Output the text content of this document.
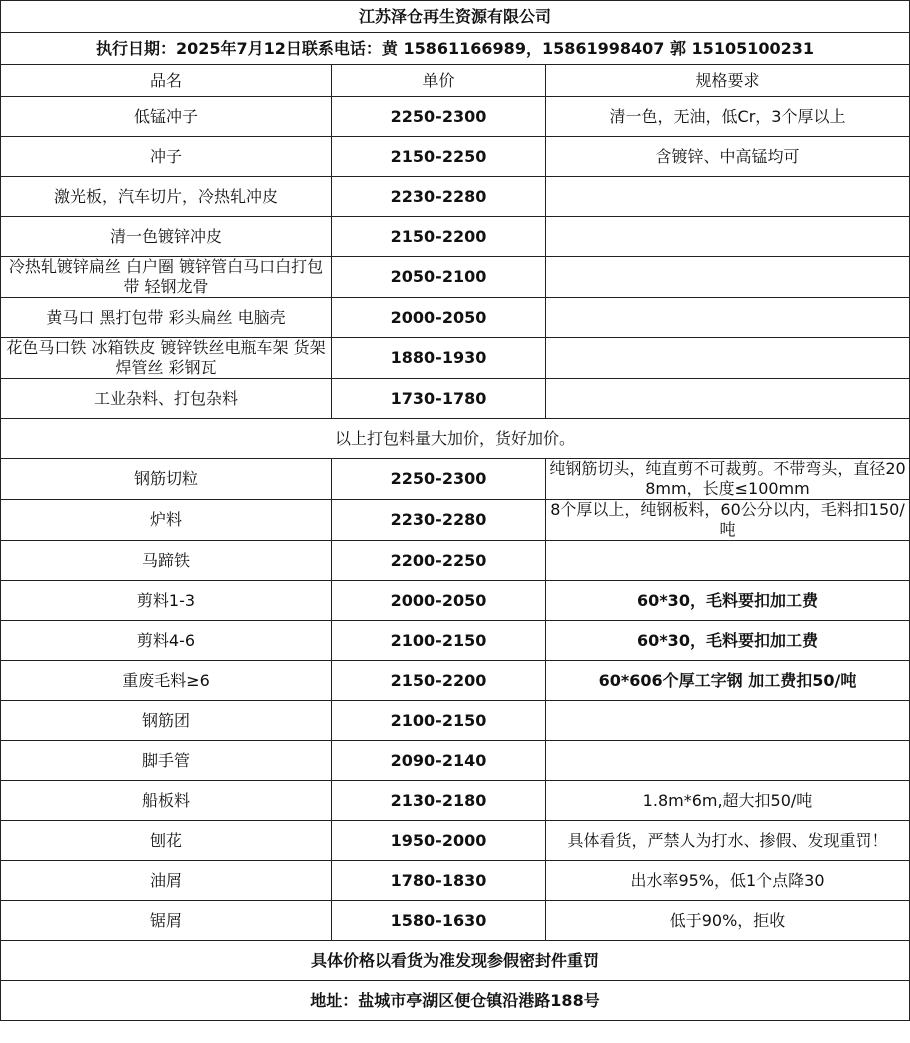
江苏泽仓再生资源有限公司		
执行日期：2025年7月12日联系电话：黄 15861166989，15861998407 郭 15105100231		
品名	单价	规格要求
低锰冲子	2250-2300	清一色，无油，低Cr，3个厚以上
冲子	2150-2250	含镀锌、中高锰均可
激光板，汽车切片，冷热轧冲皮	2230-2280	
清一色镀锌冲皮	2150-2200	

冷热轧镀锌扁丝 白户圈 镀锌管白马口白打包带 轻钢龙骨	2050-2100	
黄马口 黑打包带 彩头扁丝 电脑壳	2000-2050	

花色马口铁 冰箱铁皮 镀锌铁丝电瓶车架 货架 焊管丝 彩钢瓦	1880-1930	
工业杂料、打包杂料	1730-1780	
以上打包料量大加价，货好加价。		
钢筋切粒	2250-2300	纯钢筋切头，纯直剪不可裁剪。不带弯头，直径208mm，长度≤100mm

炉料	2230-2280	8个厚以上，纯钢板料，60公分以内，毛料扣150/吨

马蹄铁	2200-2250	
剪料1-3	2000-2050	60*30，毛料要扣加工费
剪料4-6	2100-2150	60*30，毛料要扣加工费
重废毛料≥6	2150-2200	60*606个厚工字钢 加工费扣50/吨
钢筋团	2100-2150	
脚手管	2090-2140	
船板料	2130-2180	1.8m*6m,超大扣50/吨
刨花	1950-2000	具体看货，严禁人为打水、掺假、发现重罚！

油屑	1780-1830	出水率95%，低1个点降30
锯屑	1580-1630	低于90%，拒收
具体价格以看货为准发现参假密封件重罚		
地址：盐城市亭湖区便仓镇沿港路188号		
